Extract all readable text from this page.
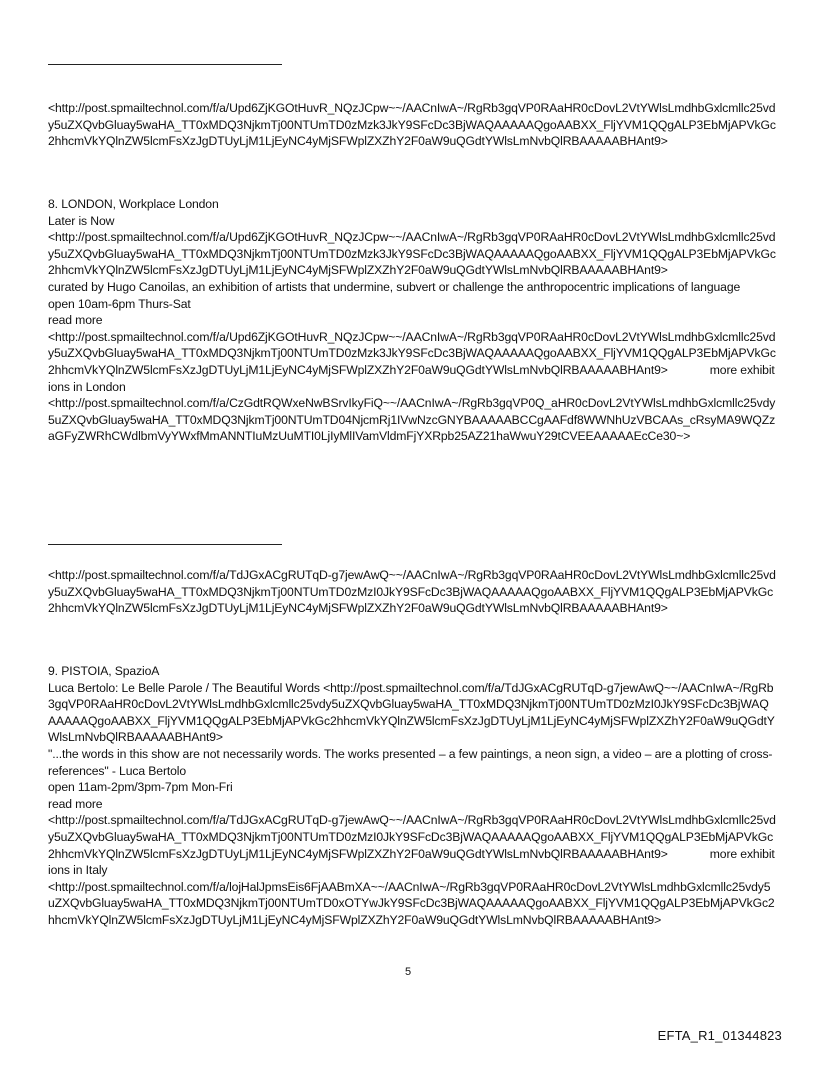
<http://post.spmailtechnol.com/f/a/Upd6ZjKGOtHuvR_NQzJCpw~~/AACnIwA~/RgRb3gqVP0RAaHR0cDovL2VtYWlsLmdhbGxlcmllc25vdy5uZXQvbGluay5waHA_TT0xMDQ3NjkmTj00NTUmTD0zMzk3JkY9SFcDc3BjWAQAAAAAQgoAABXX_FljYVM1QQgALP3EbMjAPVkGc2hhcmVkYQlnZW5lcmFsXzJgDTUyLjM1LjEyNC4yMjSFWplZXZhY2F0aW9uQGdtYWlsLmNvbQlRBAAAAABHAnt9>

8. LONDON, Workplace London

Later is Now

<http://post.spmailtechnol.com/f/a/Upd6ZjKGOtHuvR_NQzJCpw~~/AACnIwA~/RgRb3gqVP0RAaHR0cDovL2VtYWlsLmdhbGxlcmllc25vdy5uZXQvbGluay5waHA_TT0xMDQ3NjkmTj00NTUmTD0zMzk3JkY9SFcDc3BjWAQAAAAAQgoAABXX_FljYVM1QQgALP3EbMjAPVkGc2hhcmVkYQlnZW5lcmFsXzJgDTUyLjM1LjEyNC4yMjSFWplZXZhY2F0aW9uQGdtYWlsLmNvbQlRBAAAAABHAnt9>

curated by Hugo Canoilas, an exhibition of artists that undermine, subvert or challenge the anthropocentric implications of language

open 10am-6pm Thurs-Sat

read more

<http://post.spmailtechnol.com/f/a/Upd6ZjKGOtHuvR_NQzJCpw~~/AACnIwA~/RgRb3gqVP0RAaHR0cDovL2VtYWlsLmdhbGxlcmllc25vdy5uZXQvbGluay5waHA_TT0xMDQ3NjkmTj00NTUmTD0zMzk3JkY9SFcDc3BjWAQAAAAAQgoAABXX_FljYVM1QQgALP3EbMjAPVkGc2hhcmVkYQlnZW5lcmFsXzJgDTUyLjM1LjEyNC4yMjSFWplZXZhY2F0aW9uQGdtYWlsLmNvbQlRBAAAAABHAnt9>	more exhibitions in London

<http://post.spmailtechnol.com/f/a/CzGdtRQWxeNwBSrvIkyFiQ~~/AACnIwA~/RgRb3gqVP0Q_aHR0cDovL2VtYWlsLmdhbGxlcmllc25vdy5uZXQvbGluay5waHA_TT0xMDQ3NjkmTj00NTUmTD04NjcmRj1IVwNzcGNYBAAAAABCCgAAFdf8WWNhUzVBCAAs_cRsyMA9WQZzaGFyZWRhCWdlbmVyYWxfMmANNTIuMzUuMTI0LjIyMlIVamVldmFjYXRpb25AZ21haWwuY29tCVEEAAAAAEcCe30~>

<http://post.spmailtechnol.com/f/a/TdJGxACgRUTqD-g7jewAwQ~~/AACnIwA~/RgRb3gqVP0RAaHR0cDovL2VtYWlsLmdhbGxlcmllc25vdy5uZXQvbGluay5waHA_TT0xMDQ3NjkmTj00NTUmTD0zMzI0JkY9SFcDc3BjWAQAAAAAQgoAABXX_FljYVM1QQgALP3EbMjAPVkGc2hhcmVkYQlnZW5lcmFsXzJgDTUyLjM1LjEyNC4yMjSFWplZXZhY2F0aW9uQGdtYWlsLmNvbQlRBAAAAABHAnt9>

9. PISTOIA, SpazioA

Luca Bertolo: Le Belle Parole / The Beautiful Words <http://post.spmailtechnol.com/f/a/TdJGxACgRUTqD-g7jewAwQ~~/AACnIwA~/RgRb3gqVP0RAaHR0cDovL2VtYWlsLmdhbGxlcmllc25vdy5uZXQvbGluay5waHA_TT0xMDQ3NjkmTj00NTUmTD0zMzI0JkY9SFcDc3BjWAQAAAAAQgoAABXX_FljYVM1QQgALP3EbMjAPVkGc2hhcmVkYQlnZW5lcmFsXzJgDTUyLjM1LjEyNC4yMjSFWplZXZhY2F0aW9uQGdtYWlsLmNvbQlRBAAAAABHAnt9>

"...the words in this show are not necessarily words. The works presented – a few paintings, a neon sign, a video – are a plotting of cross-references" - Luca Bertolo

open 11am-2pm/3pm-7pm Mon-Fri

read more

<http://post.spmailtechnol.com/f/a/TdJGxACgRUTqD-g7jewAwQ~~/AACnIwA~/RgRb3gqVP0RAaHR0cDovL2VtYWlsLmdhbGxlcmllc25vdy5uZXQvbGluay5waHA_TT0xMDQ3NjkmTj00NTUmTD0zMzI0JkY9SFcDc3BjWAQAAAAAQgoAABXX_FljYVM1QQgALP3EbMjAPVkGc2hhcmVkYQlnZW5lcmFsXzJgDTUyLjM1LjEyNC4yMjSFWplZXZhY2F0aW9uQGdtYWlsLmNvbQlRBAAAAABHAnt9>	more exhibitions in Italy

<http://post.spmailtechnol.com/f/a/lojHalJpmsEis6FjAABmXA~~/AACnIwA~/RgRb3gqVP0RAaHR0cDovL2VtYWlsLmdhbGxlcmllc25vdy5uZXQvbGluay5waHA_TT0xMDQ3NjkmTj00NTUmTD0xOTYwJkY9SFcDc3BjWAQAAAAAQgoAABXX_FljYVM1QQgALP3EbMjAPVkGc2hhcmVkYQlnZW5lcmFsXzJgDTUyLjM1LjEyNC4yMjSFWplZXZhY2F0aW9uQGdtYWlsLmNvbQlRBAAAAABHAnt9>

5
EFTA_R1_01344823
